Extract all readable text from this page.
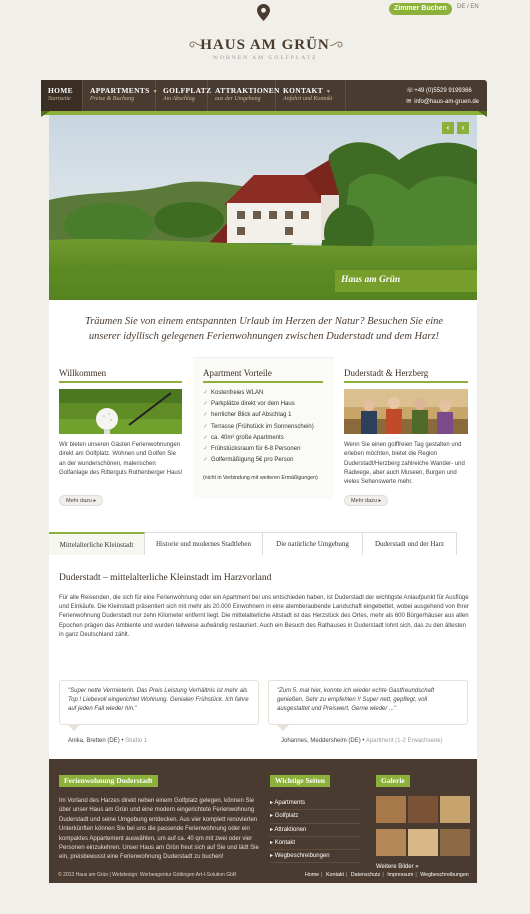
Zimmer Buchen	DE / EN
HAUS AM GRÜN
WOHNEN AM GOLFPLATZ
HOME
Startseite
APPARTMENTS ▼
Preise & Buchung
GOLFPLATZ
Am Abschlag
ATTRAKTIONEN
aus der Umgebung
KONTAKT ▼
Anfahrt und Kontakt
☏+49 (0)5529 9199366
✉ info@haus-am-gruen.de
‹	›
Haus am Grün
Träumen Sie von einem entspannten Urlaub im Herzen der Natur? Besuchen Sie eine unserer idyllisch gelegenen Ferienwohnungen zwischen Duderstadt und dem Harz!
Willkommen
Wir bieten unseren Gästen Ferienwohnungen direkt am Golfplatz. Wohnen und Golfen Sie an der wunderschönen, malerischen Golfanlage des Ritterguts Rothenberger Haus!
Mehr dazu ▸
Apartment Vorteile
✓ Kostenfreies WLAN
✓ Parkplätze direkt vor dem Haus
✓ herrlicher Blick auf Abschlag 1
✓ Terrasse (Frühstück im Sonnenschein)
✓ ca. 40m² große Apartments
✓ Frühstücksraum für 6-8 Personen
✓ Golfermäßigung 5€ pro Person
(nicht in Verbindung mit weiteren Ermäßigungen)
Duderstadt & Herzberg
Wenn Sie einen golffreien Tag gestalten und erleben möchten, bietet die Region Duderstadt/Herzberg zahlreiche Wander- und Radwege, aber auch Museen, Burgen und vieles Sehenswerte mehr.
Mehr dazu ▸
Mittelalterliche Kleinstadt	Historie und modernes Stadtleben	Die natürliche Umgebung	Duderstadt und der Harz
Duderstadt – mittelalterliche Kleinstadt im Harzvorland
Für alle Reisenden, die sich für eine Ferienwohnung oder ein Apartment bei uns entschieden haben, ist Duderstadt der wichtigste Anlaufpunkt für Ausflüge und Einkäufe. Die Kleinstadt präsentiert sich mit mehr als 20.000 Einwohnern in eine atemberaubende Landschaft eingebettet, wobei ausgehend von Ihrer Ferienwohnung Duderstadt nur zehn Kilometer entfernt liegt. Die mittelalterliche Altstadt ist das Herzstück des Ortes, mehr als 600 Bürgerhäuser aus allen Epochen prägen das Ambiente und wurden teilweise aufwändig restauriert. Auch ein Besuch des Rathauses in Duderstadt lohnt sich, das zu den ältesten in ganz Deutschland zählt.
"Super nette Vermieterin. Das Preis Leistung Verhältnis ist mehr als Top ! Liebevoll eingerichtet Wohnung. Genialen Frühstück. Ich fahre auf jeden Fall wieder hin."
Anika, Bretten (DE) • Studio 1
"Zum 5. mal hier, konnte ich wieder echte Gastfreundschaft genießen. Sehr zu empfehlen !! Super nett, gepflegt, voll ausgestattet und Preiswert, Gerne wieder ..."
Johannes, Meddersheim (DE) • Apartment (1-2 Erwachsene)
Ferienwohnung Duderstadt
Im Vorland des Harzes direkt neben einem Golfplatz gelegen, können Sie über unser Haus am Grün und eine modern eingerichtete Ferienwohnung Duderstadt und seine Umgebung entdecken. Aus vier komplett renovierten Unterkünften können Sie bei uns die passende Ferienwohnung oder ein kompaktes Appartement auswählen, um auf ca. 40 qm mit zwei oder vier Personen einzukehren. Unser Haus am Grün freut sich auf Sie und lädt Sie ein, preisbewusst eine Ferienwohnung Duderstadt zu buchen!
Wichtige Seiten
▸ Apartments
▸ Golfplatz
▸ Attraktionen
▸ Kontakt
▸ Wegbeschreibungen
Galerie
Weitere Bilder »
© 2013 Haus am Grün | Webdesign: Werbeagentur Göttingen Art-I-Solution GbR	Home | Kontakt | Datenschutz | Impressum | Wegbeschreibungen
